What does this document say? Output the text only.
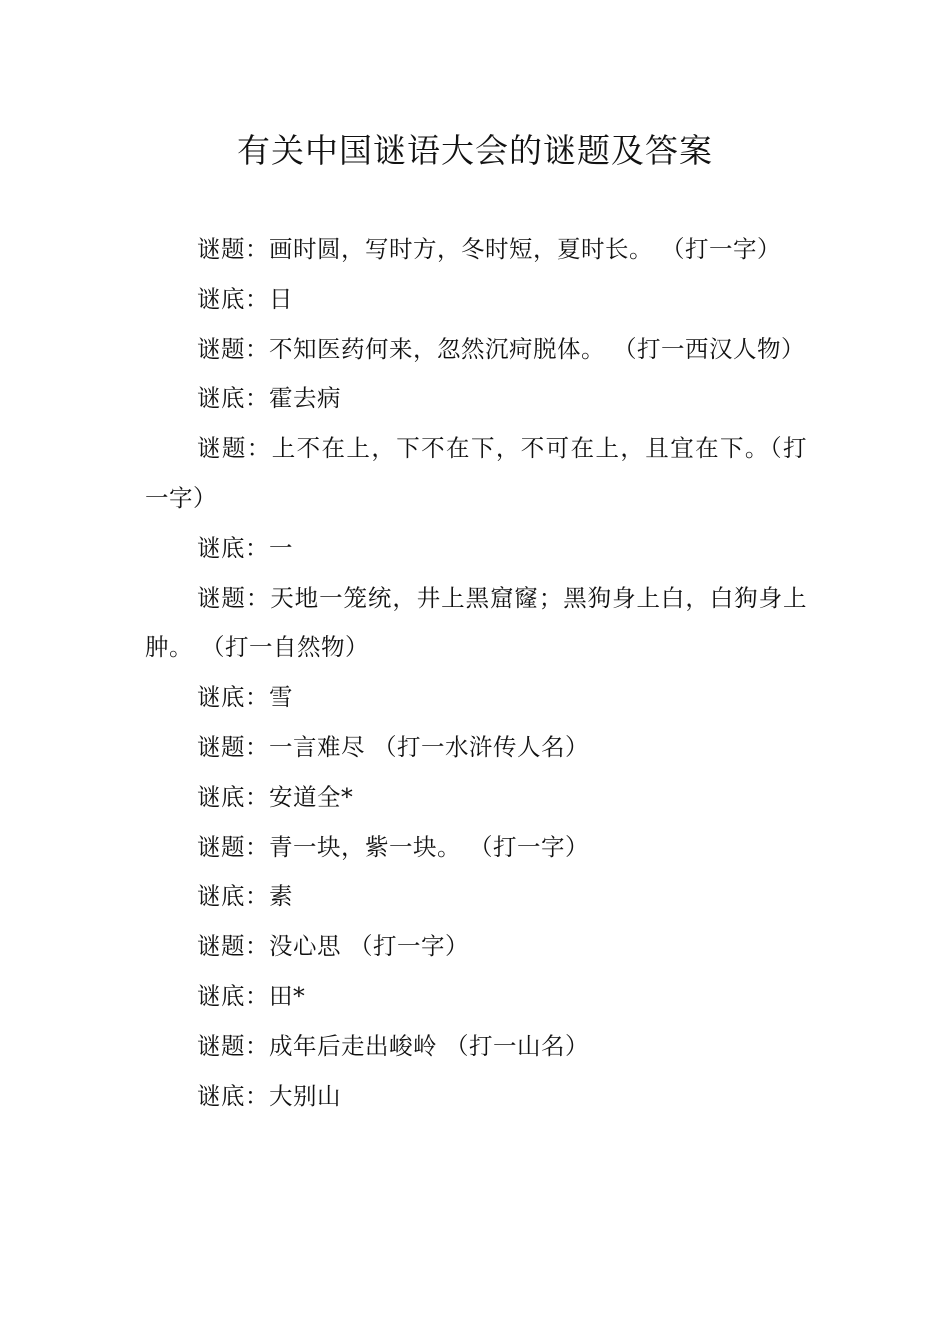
有关中国谜语大会的谜题及答案

谜题：画时圆，写时方，冬时短，夏时长。 （打一字）

谜底：日

谜题：不知医药何来，忽然沉疴脱体。 （打一西汉人物）

谜底：霍去病

谜题：上不在上，下不在下，不可在上，且宜在下。（打一字）

谜底：一

谜题：天地一笼统，井上黑窟窿；黑狗身上白，白狗身上肿。 （打一自然物）

谜底：雪

谜题：一言难尽 （打一水浒传人名）

谜底：安道全*

谜题：青一块，紫一块。 （打一字）

谜底：素

谜题：没心思 （打一字）

谜底：田*

谜题：成年后走出峻岭 （打一山名）

谜底：大别山
